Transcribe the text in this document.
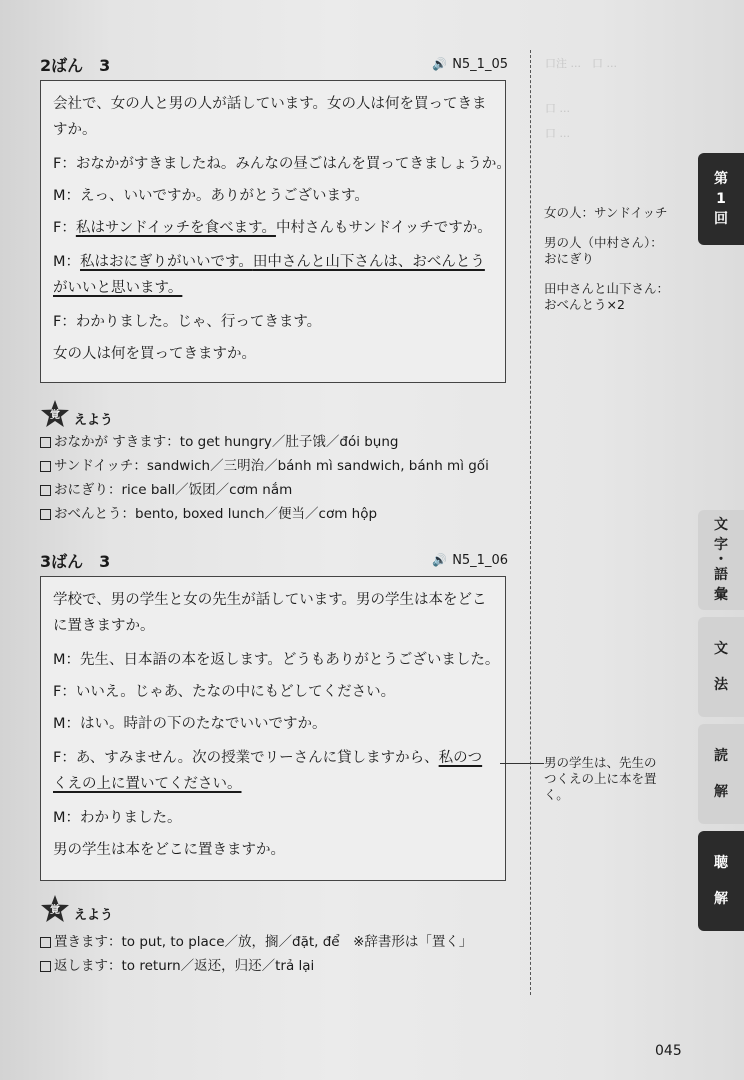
口注 ...　口 ...
口 ...
口 ...
2ばん　3	🔊 N5_1_05
会社で、女の人と男の人が話しています。女の人は何を買ってきますか。
F：おなかがすきましたね。みんなの昼ごはんを買ってきましょうか。
M：えっ、いいですか。ありがとうございます。
F：私はサンドイッチを食べます。中村さんもサンドイッチですか。
M：私はおにぎりがいいです。田中さんと山下さんは、おべんとうがいいと思います。
F：わかりました。じゃ、行ってきます。
女の人は何を買ってきますか。
覚	えよう
おなかが すきます：to get hungry／肚子饿／đói bụng
サンドイッチ：sandwich／三明治／bánh mì sandwich, bánh mì gối
おにぎり：rice ball／饭团／cơm nắm
おべんとう：bento, boxed lunch／便当／cơm hộp
3ばん　3	🔊 N5_1_06
学校で、男の学生と女の先生が話しています。男の学生は本をどこに置きますか。
M：先生、日本語の本を返します。どうもありがとうございました。
F：いいえ。じゃあ、たなの中にもどしてください。
M：はい。時計の下のたなでいいですか。
F：あ、すみません。次の授業でリーさんに貸しますから、私のつくえの上に置いてください。
M：わかりました。
男の学生は本をどこに置きますか。
覚	えよう
置きます：to put, to place／放，搁／đặt, để　※辞書形は「置く」
返します：to return／返还，归还／trả lại

女の人：サンドイッチ

男の人（中村さん）：

おにぎり

田中さんと山下さん：

おべんとう×2

男の学生は、先生の

つくえの上に本を置

く。

第
1
回
文
字
・
語
彙
文
法
読
解
聴
解
045
